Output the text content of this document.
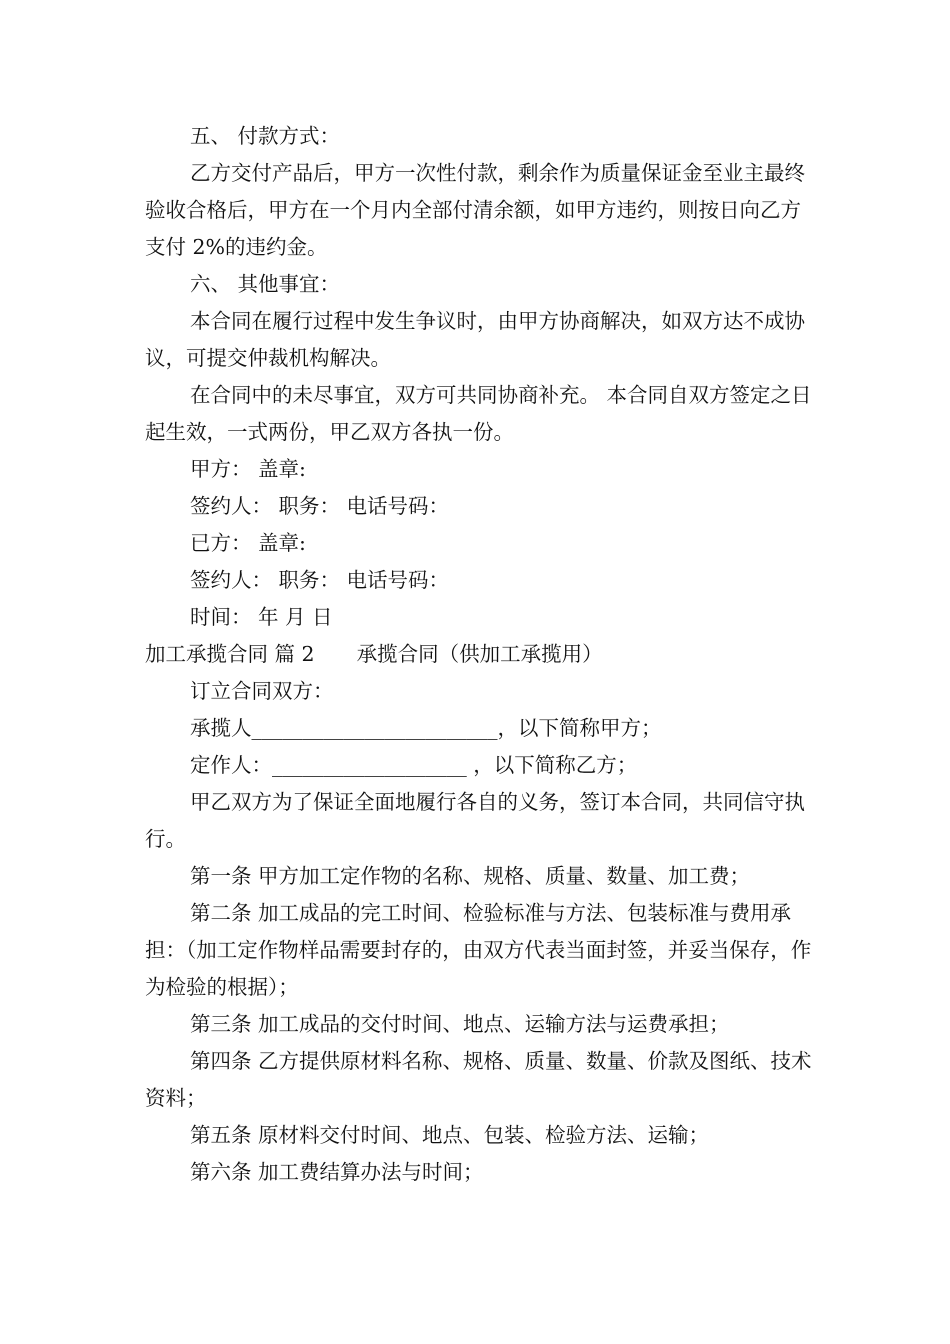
五、 付款方式：

乙方交付产品后，甲方一次性付款，剩余作为质量保证金至业主最终验收合格后，甲方在一个月内全部付清余额，如甲方违约，则按日向乙方支付 2%的违约金。

六、 其他事宜：

本合同在履行过程中发生争议时，由甲方协商解决，如双方达不成协议，可提交仲裁机构解决。

在合同中的未尽事宜，双方可共同协商补充。 本合同自双方签定之日起生效，一式两份，甲乙双方各执一份。

甲方： 盖章:

签约人： 职务： 电话号码：

已方： 盖章:

签约人： 职务： 电话号码：

时间： 年 月 日

加工承揽合同 篇 2 承揽合同（供加工承揽用）

订立合同双方：

承揽人________________________，以下简称甲方；

定作人：___________________ ，以下简称乙方；

甲乙双方为了保证全面地履行各自的义务，签订本合同，共同信守执行。

第一条 甲方加工定作物的名称、规格、质量、数量、加工费；

第二条 加工成品的完工时间、检验标准与方法、包装标准与费用承担：（加工定作物样品需要封存的，由双方代表当面封签，并妥当保存，作为检验的根据）；

第三条 加工成品的交付时间、地点、运输方法与运费承担；

第四条 乙方提供原材料名称、规格、质量、数量、价款及图纸、技术资料；

第五条 原材料交付时间、地点、包装、检验方法、运输；

第六条 加工费结算办法与时间；
